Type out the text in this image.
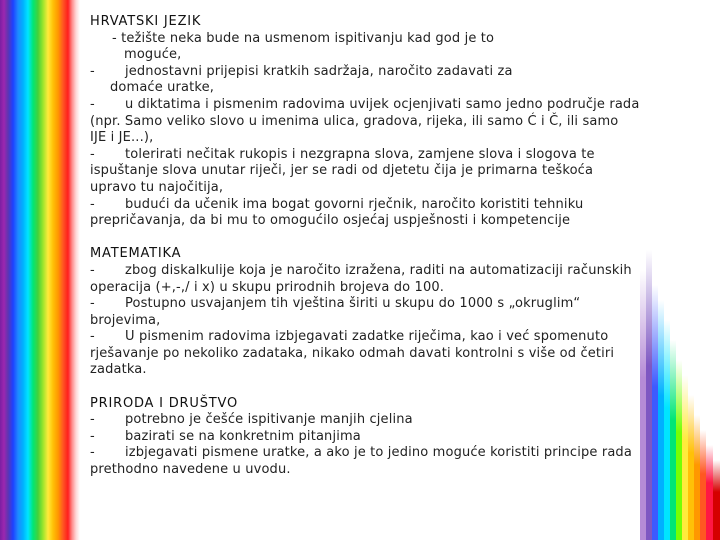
HRVATSKI JEZIK
- težište neka bude na usmenom ispitivanju kad god je to
moguće,
- jednostavni prijepisi kratkih sadržaja, naročito zadavati za
domaće uratke,
- u diktatima i pismenim radovima uvijek ocjenjivati samo jedno područje rada
(npr. Samo veliko slovo u imenima ulica, gradova, rijeka, ili samo Ć i Č, ili samo
IJE i JE...),
- tolerirati nečitak rukopis i nezgrapna slova, zamjene slova i slogova te
ispuštanje slova unutar riječi, jer se radi od djetetu čija je primarna teškoća
upravo tu najočitija,
- budući da učenik ima bogat govorni rječnik, naročito koristiti tehniku
prepričavanja, da bi mu to omogućilo osjećaj uspješnosti i kompetencije
MATEMATIKA
- zbog diskalkulije koja je naročito izražena, raditi na automatizaciji računskih
operacija (+,-,/ i x) u skupu prirodnih brojeva do 100.
- Postupno usvajanjem tih vještina širiti u skupu do 1000 s „okruglim“
brojevima,
- U pismenim radovima izbjegavati zadatke riječima, kao i već spomenuto
rješavanje po nekoliko zadataka, nikako odmah davati kontrolni s više od četiri
zadatka.
PRIRODA I DRUŠTVO
- potrebno je češće ispitivanje manjih cjelina
- bazirati se na konkretnim pitanjima
- izbjegavati pismene uratke, a ako je to jedino moguće koristiti principe rada
prethodno navedene u uvodu.
